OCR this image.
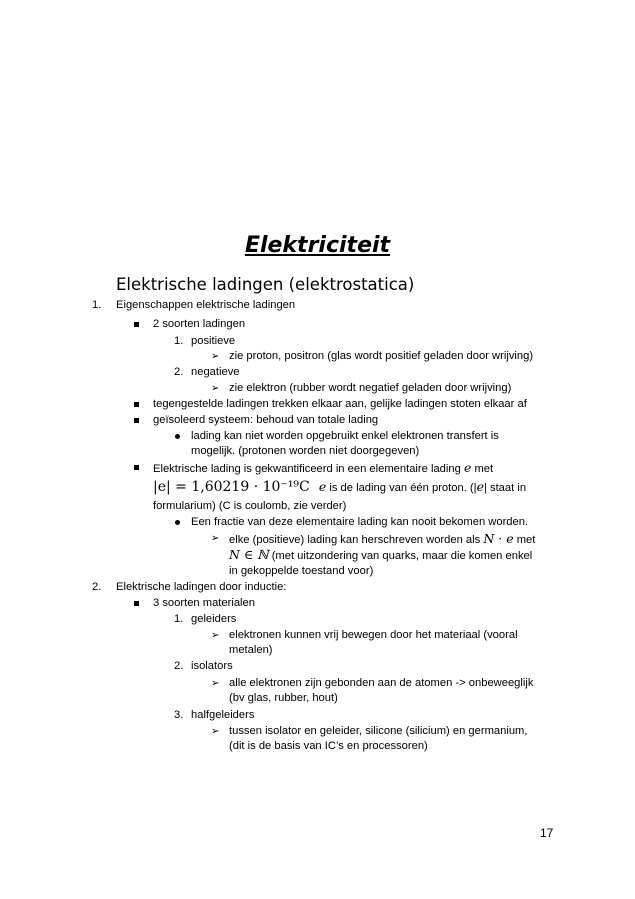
Elektriciteit
Elektrische ladingen (elektrostatica)
1. Eigenschappen elektrische ladingen
2 soorten ladingen
1. positieve
➢ zie proton, positron (glas wordt positief geladen door wrijving)
2. negatieve
➢ zie elektron (rubber wordt negatief geladen door wrijving)
tegengestelde ladingen trekken elkaar aan, gelijke ladingen stoten elkaar af
geïsoleerd systeem: behoud van totale lading
lading kan niet worden opgebruikt enkel elektronen transfert is
mogelijk. (protonen worden niet doorgegeven)
Elektrische lading is gekwantificeerd in een elementaire lading e met
|e| = 1,60219 · 10⁻¹⁹C e is de lading van één proton. (|e| staat in
formularium) (C is coulomb, zie verder)
Een fractie van deze elementaire lading kan nooit bekomen worden.
➢ elke (positieve) lading kan herschreven worden als N · e met
N ∈ ℕ (met uitzondering van quarks, maar die komen enkel
in gekoppelde toestand voor)
2. Elektrische ladingen door inductie:
3 soorten materialen
1. geleiders
➢ elektronen kunnen vrij bewegen door het materiaal (vooral
metalen)
2. isolators
➢ alle elektronen zijn gebonden aan de atomen -> onbeweeglijk
(bv glas, rubber, hout)
3. halfgeleiders
➢ tussen isolator en geleider, silicone (silicium) en germanium,
(dit is de basis van IC’s en processoren)
17
